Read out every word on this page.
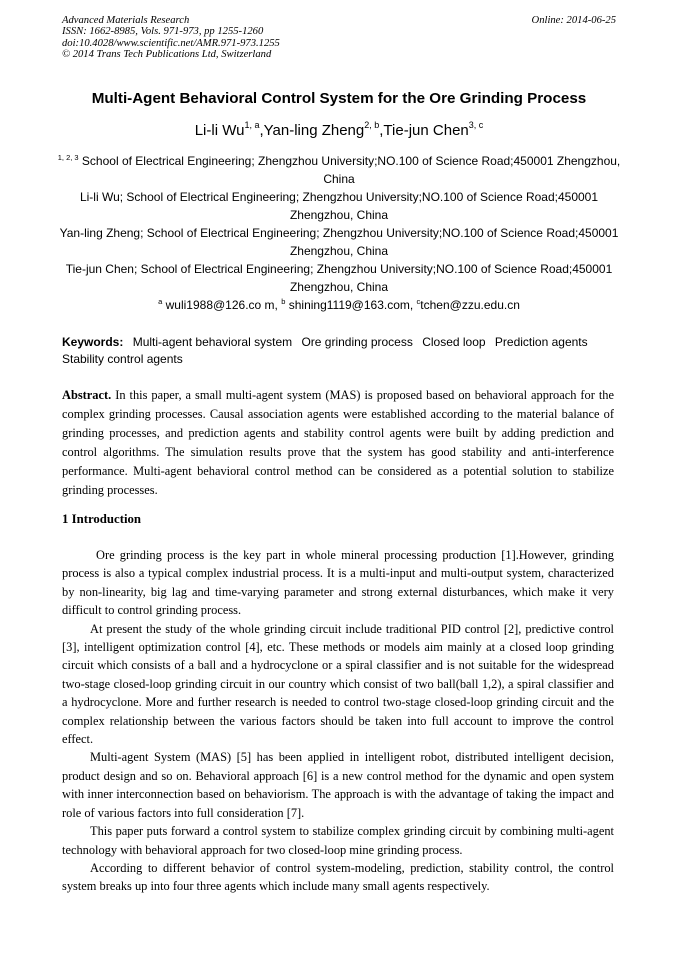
Advanced Materials Research
ISSN: 1662-8985, Vols. 971-973, pp 1255-1260
doi:10.4028/www.scientific.net/AMR.971-973.1255
© 2014 Trans Tech Publications Ltd, Switzerland
Online: 2014-06-25
Multi-Agent Behavioral Control System for the Ore Grinding Process
Li-li Wu$^{1, a}$,Yan-ling Zheng$^{2, b}$,Tie-jun Chen$^{3, c}$
$^{1, 2, 3}$ School of Electrical Engineering; Zhengzhou University;NO.100 of Science Road;450001 Zhengzhou, China
Li-li Wu; School of Electrical Engineering; Zhengzhou University;NO.100 of Science Road;450001 Zhengzhou, China
Yan-ling Zheng; School of Electrical Engineering; Zhengzhou University;NO.100 of Science Road;450001 Zhengzhou, China
Tie-jun Chen; School of Electrical Engineering; Zhengzhou University;NO.100 of Science Road;450001 Zhengzhou, China
$^a$ wuli1988@126.co m, $^b$ shining1119@163.com, $^c$tchen@zzu.edu.cn
Keywords: Multi-agent behavioral system Ore grinding process Closed loop Prediction agents Stability control agents
Abstract. In this paper, a small multi-agent system (MAS) is proposed based on behavioral approach for the complex grinding processes. Causal association agents were established according to the material balance of grinding processes, and prediction agents and stability control agents were built by adding prediction and control algorithms. The simulation results prove that the system has good stability and anti-interference performance. Multi-agent behavioral control method can be considered as a potential solution to stabilize grinding processes.
1 Introduction

Ore grinding process is the key part in whole mineral processing production [1].However, grinding process is also a typical complex industrial process. It is a multi-input and multi-output system, characterized by non-linearity, big lag and time-varying parameter and strong external disturbances, which make it very difficult to control grinding process.

At present the study of the whole grinding circuit include traditional PID control [2], predictive control [3], intelligent optimization control [4], etc. These methods or models aim mainly at a closed loop grinding circuit which consists of a ball and a hydrocyclone or a spiral classifier and is not suitable for the widespread two-stage closed-loop grinding circuit in our country which consist of two ball(ball 1,2), a spiral classifier and a hydrocyclone. More and further research is needed to control two-stage closed-loop grinding circuit and the complex relationship between the various factors should be taken into full account to improve the control effect.

Multi-agent System (MAS) [5] has been applied in intelligent robot, distributed intelligent decision, product design and so on. Behavioral approach [6] is a new control method for the dynamic and open system with inner interconnection based on behaviorism. The approach is with the advantage of taking the impact and role of various factors into full consideration [7].

This paper puts forward a control system to stabilize complex grinding circuit by combining multi-agent technology with behavioral approach for two closed-loop mine grinding process.

According to different behavior of control system-modeling, prediction, stability control, the control system breaks up into four three agents which include many small agents respectively.
